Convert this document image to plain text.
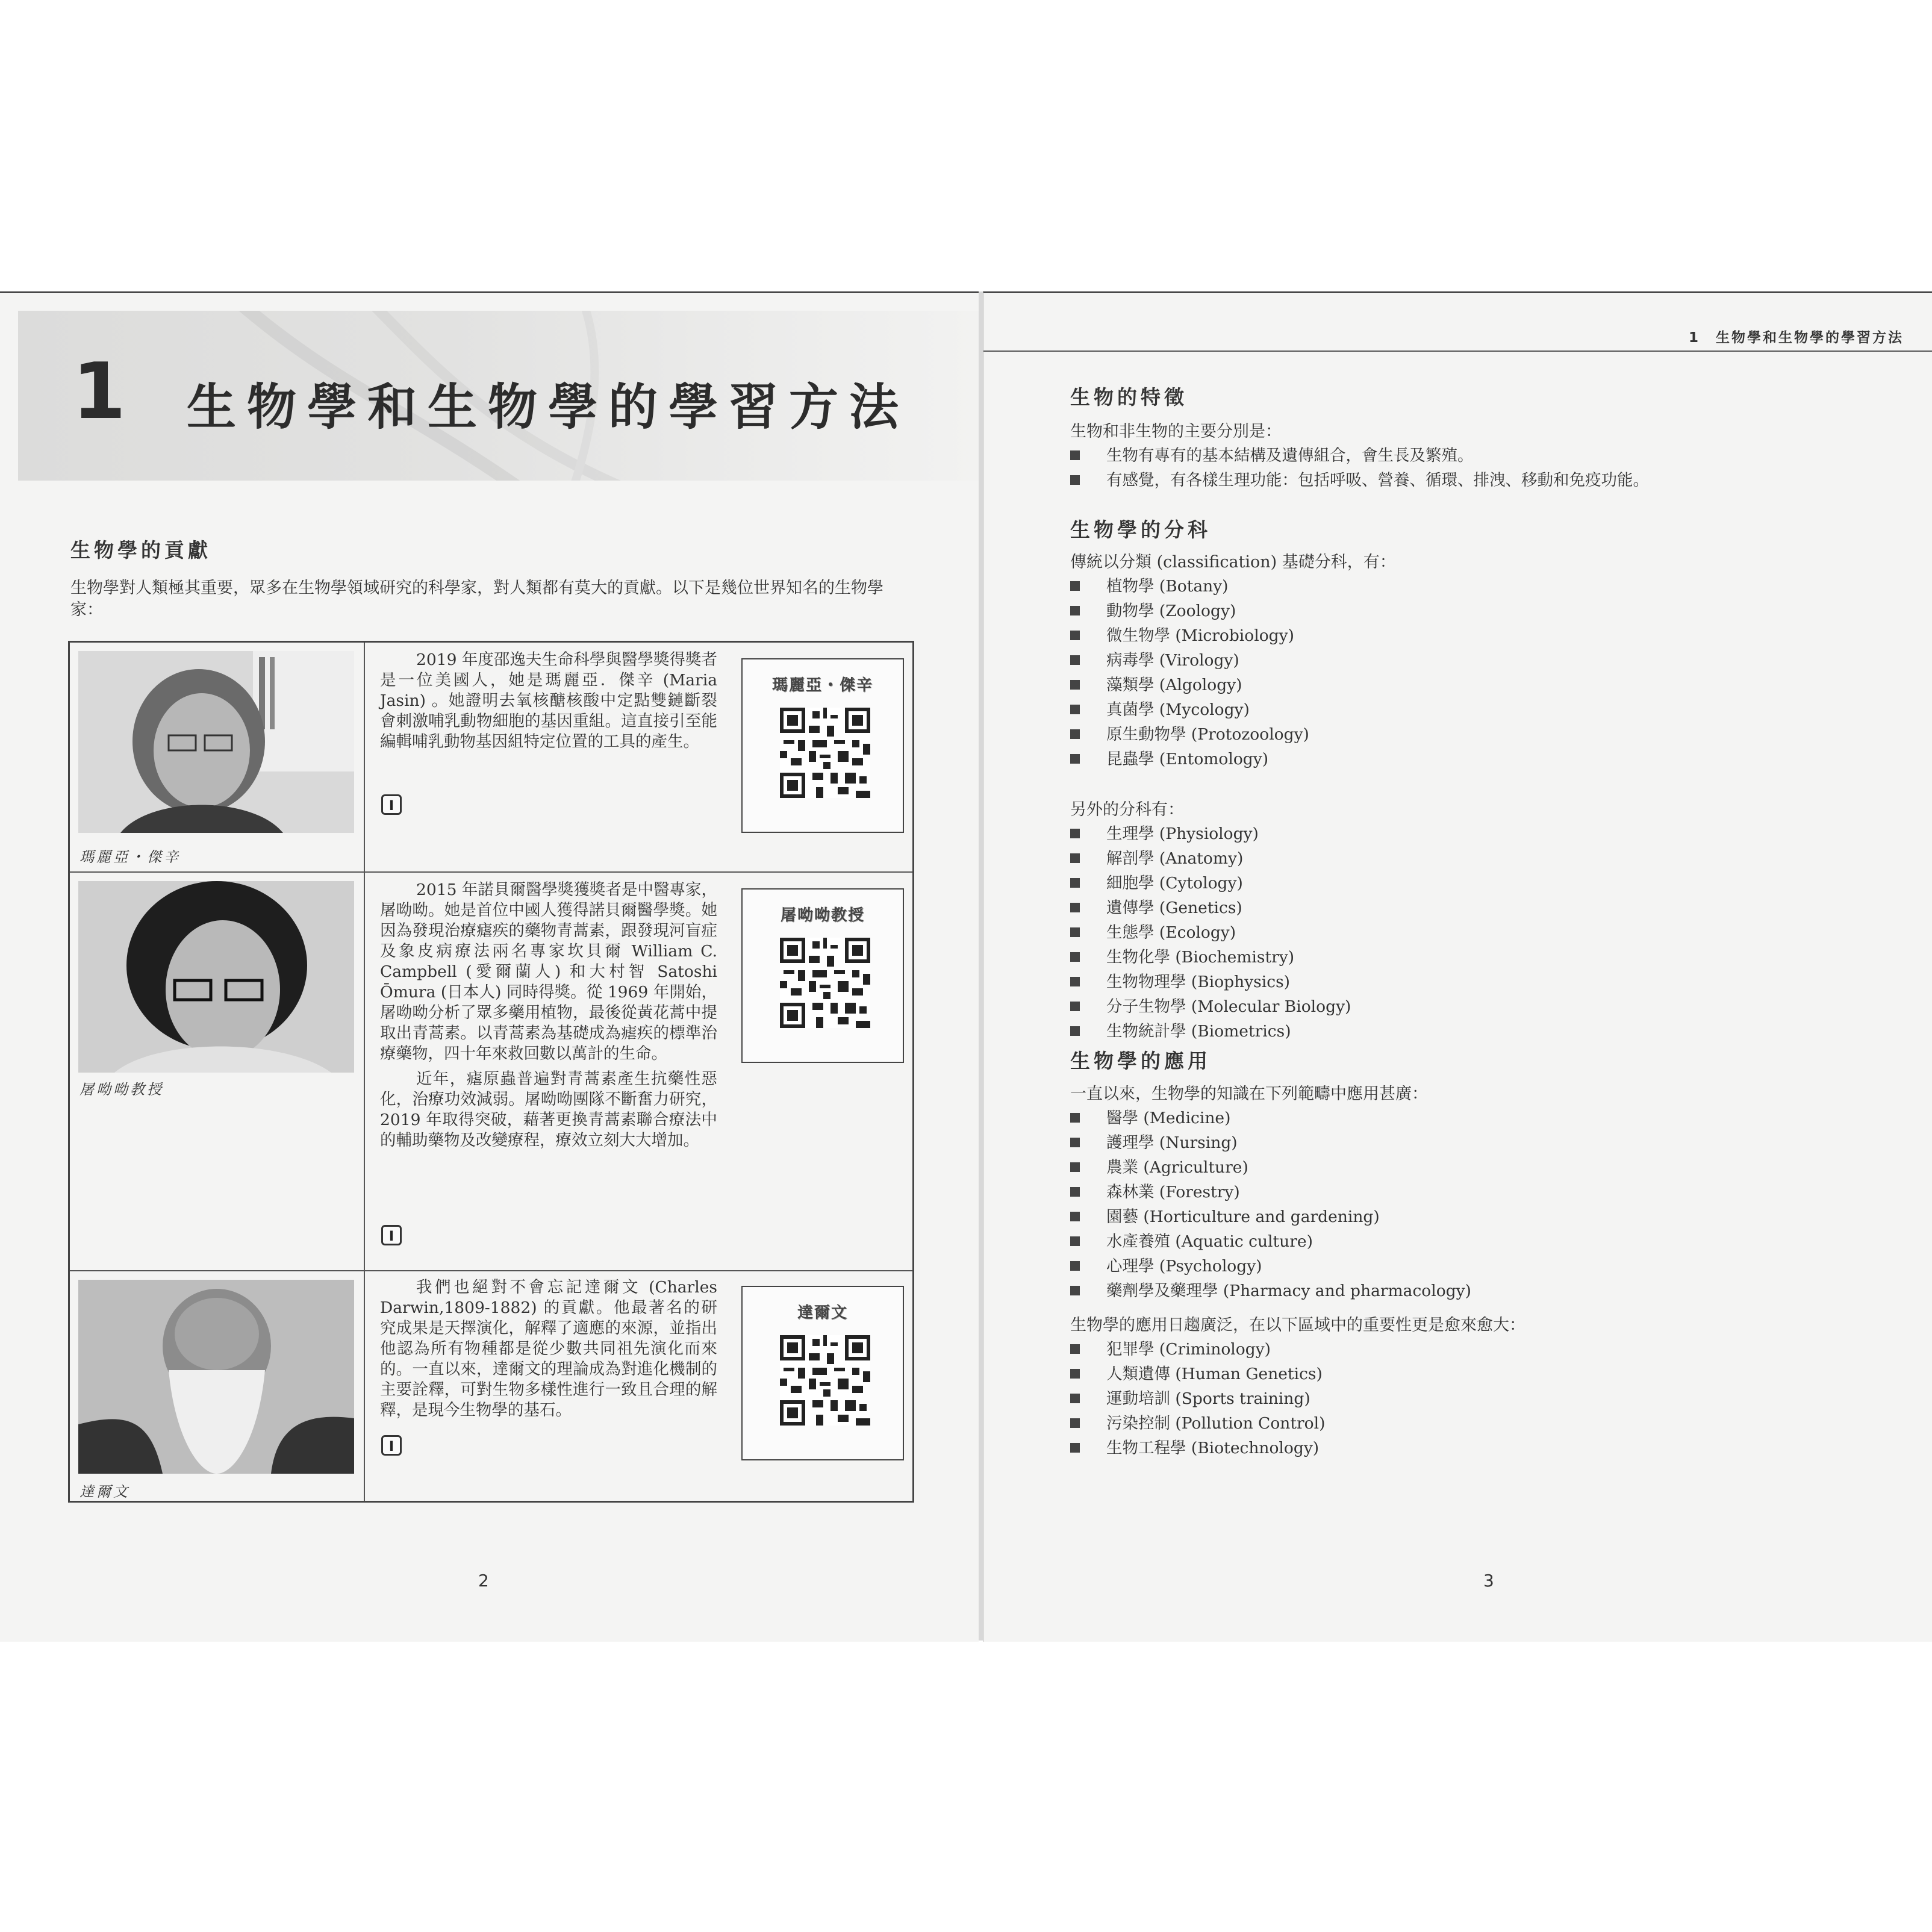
1 生物學和生物學的學習方法
生物學的貢獻
生物學對人類極其重要，眾多在生物學領域研究的科學家，對人類都有莫大的貢獻。以下是幾位世界知名的生物學
家：
瑪麗亞・傑辛

2019 年度邵逸夫生命科學與醫學獎得獎者是一位美國人，她是瑪麗亞．傑辛 (Maria Jasin) 。她證明去氧核醣核酸中定點雙鏈斷裂會刺激哺乳動物細胞的基因重組。這直接引至能編輯哺乳動物基因組特定位置的工具的產生。

I
瑪麗亞・傑辛
屠呦呦教授

2015 年諾貝爾醫學獎獲獎者是中醫專家，屠呦呦。她是首位中國人獲得諾貝爾醫學獎。她因為發現治療瘧疾的藥物青蒿素，跟發現河盲症及象皮病療法兩名專家坎貝爾 William C. Campbell (愛爾蘭人) 和大村智 Satoshi Ōmura (日本人) 同時得獎。從 1969 年開始，屠呦呦分析了眾多藥用植物，最後從黃花蒿中提取出青蒿素。以青蒿素為基礎成為瘧疾的標準治療藥物，四十年來救回數以萬計的生命。

近年，瘧原蟲普遍對青蒿素產生抗藥性惡化，治療功效減弱。屠呦呦團隊不斷奮力研究，2019 年取得突破，藉著更換青蒿素聯合療法中的輔助藥物及改變療程，療效立刻大大增加。

I
屠呦呦教授
達爾文

我們也絕對不會忘記達爾文 (Charles Darwin,1809-1882) 的貢獻。他最著名的研究成果是天擇演化，解釋了適應的來源，並指出他認為所有物種都是從少數共同祖先演化而來的。一直以來，達爾文的理論成為對進化機制的主要詮釋，可對生物多樣性進行一致且合理的解釋，是現今生物學的基石。

I
達爾文
2
1　生物學和生物學的學習方法
生物的特徵
生物和非生物的主要分別是：
生物有專有的基本結構及遺傳組合，會生長及繁殖。
有感覺，有各樣生理功能：包括呼吸、營養、循環、排洩、移動和免疫功能。
生物學的分科
傳統以分類 (classification) 基礎分科，有：
植物學 (Botany)
動物學 (Zoology)
微生物學 (Microbiology)
病毒學 (Virology)
藻類學 (Algology)
真菌學 (Mycology)
原生動物學 (Protozoology)
昆蟲學 (Entomology)
另外的分科有：
生理學 (Physiology)
解剖學 (Anatomy)
細胞學 (Cytology)
遺傳學 (Genetics)
生態學 (Ecology)
生物化學 (Biochemistry)
生物物理學 (Biophysics)
分子生物學 (Molecular Biology)
生物統計學 (Biometrics)
生物學的應用
一直以來，生物學的知識在下列範疇中應用甚廣：
醫學 (Medicine)
護理學 (Nursing)
農業 (Agriculture)
森林業 (Forestry)
園藝 (Horticulture and gardening)
水產養殖 (Aquatic culture)
心理學 (Psychology)
藥劑學及藥理學 (Pharmacy and pharmacology)
生物學的應用日趨廣泛，在以下區域中的重要性更是愈來愈大：
犯罪學 (Criminology)
人類遺傳 (Human Genetics)
運動培訓 (Sports training)
污染控制 (Pollution Control)
生物工程學 (Biotechnology)
3
